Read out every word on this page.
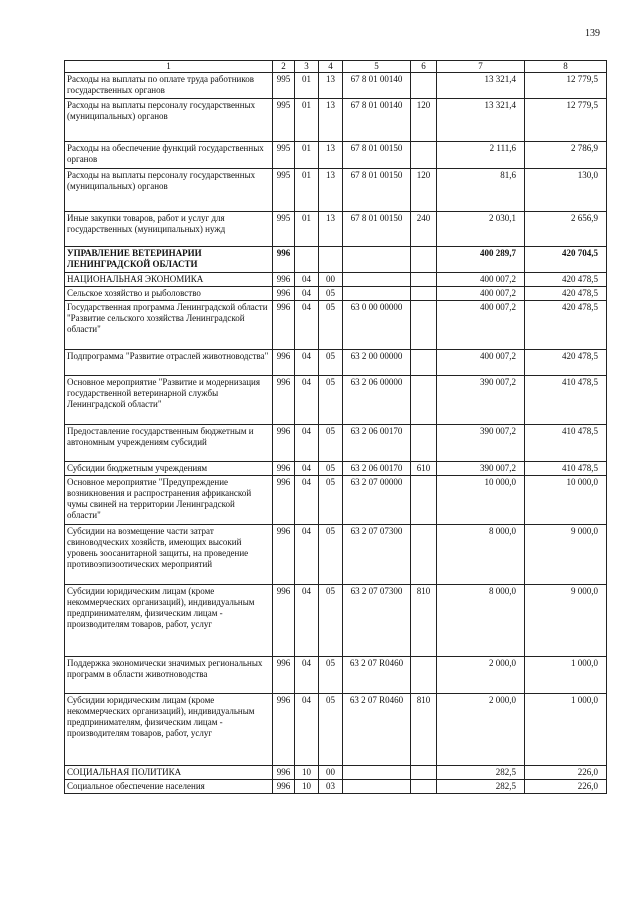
139
1	2	3	4	5	6	7	8
Расходы на выплаты по оплате труда работников государственных органов	995	01	13	67 8 01 00140		13 321,4	12 779,5
Расходы на выплаты персоналу государственных (муниципальных) органов	995	01	13	67 8 01 00140	120	13 321,4	12 779,5
Расходы на обеспечение функций государственных органов	995	01	13	67 8 01 00150		2 111,6	2 786,9
Расходы на выплаты персоналу государственных (муниципальных) органов	995	01	13	67 8 01 00150	120	81,6	130,0
Иные закупки товаров, работ и услуг для государственных (муниципальных) нужд	995	01	13	67 8 01 00150	240	2 030,1	2 656,9
УПРАВЛЕНИЕ ВЕТЕРИНАРИИ ЛЕНИНГРАДСКОЙ ОБЛАСТИ	996					400 289,7	420 704,5
НАЦИОНАЛЬНАЯ ЭКОНОМИКА	996	04	00			400 007,2	420 478,5
Сельское хозяйство и рыболовство	996	04	05			400 007,2	420 478,5
Государственная программа Ленинградской области "Развитие сельского хозяйства Ленинградской области"	996	04	05	63 0 00 00000		400 007,2	420 478,5
Подпрограмма "Развитие отраслей животноводства"	996	04	05	63 2 00 00000		400 007,2	420 478,5
Основное мероприятие "Развитие и модернизация государственной ветеринарной службы Ленинградской области"	996	04	05	63 2 06 00000		390 007,2	410 478,5
Предоставление государственным бюджетным и автономным учреждениям субсидий	996	04	05	63 2 06 00170		390 007,2	410 478,5
Субсидии бюджетным учреждениям	996	04	05	63 2 06 00170	610	390 007,2	410 478,5
Основное мероприятие "Предупреждение возникновения и распространения африканской чумы свиней на территории Ленинградской области"	996	04	05	63 2 07 00000		10 000,0	10 000,0
Субсидии на возмещение части затрат свиноводческих хозяйств, имеющих высокий уровень зоосанитарной защиты, на проведение противоэпизоотических мероприятий	996	04	05	63 2 07 07300		8 000,0	9 000,0
Субсидии юридическим лицам (кроме некоммерческих организаций), индивидуальным предпринимателям, физическим лицам - производителям товаров, работ, услуг	996	04	05	63 2 07 07300	810	8 000,0	9 000,0
Поддержка экономически значимых региональных программ в области животноводства	996	04	05	63 2 07 R0460		2 000,0	1 000,0
Субсидии юридическим лицам (кроме некоммерческих организаций), индивидуальным предпринимателям, физическим лицам - производителям товаров, работ, услуг	996	04	05	63 2 07 R0460	810	2 000,0	1 000,0
СОЦИАЛЬНАЯ ПОЛИТИКА	996	10	00			282,5	226,0
Социальное обеспечение населения	996	10	03			282,5	226,0
